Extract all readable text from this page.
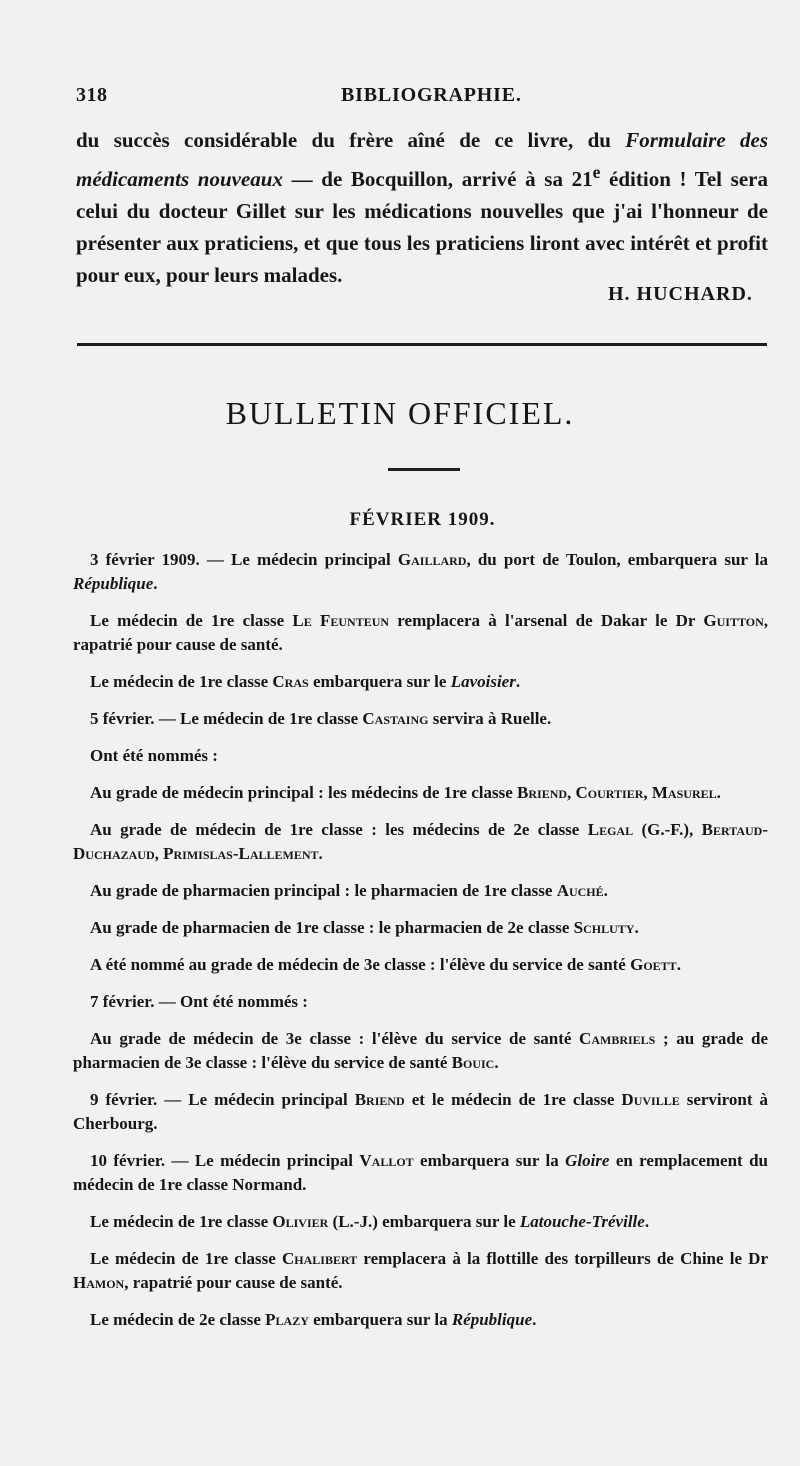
318	BIBLIOGRAPHIE.

du succès considérable du frère aîné de ce livre, du Formulaire des médicaments nouveaux — de Bocquillon, arrivé à sa 21e édition ! Tel sera celui du docteur Gillet sur les médications nouvelles que j'ai l'honneur de présenter aux praticiens, et que tous les praticiens liront avec intérêt et profit pour eux, pour leurs malades.

H. HUCHARD.
BULLETIN OFFICIEL.
FÉVRIER 1909.

3 février 1909. — Le médecin principal Gaillard, du port de Toulon, embarquera sur la République.

Le médecin de 1re classe Le Feunteun remplacera à l'arsenal de Dakar le Dr Guitton, rapatrié pour cause de santé.

Le médecin de 1re classe Cras embarquera sur le Lavoisier.

5 février. — Le médecin de 1re classe Castaing servira à Ruelle.

Ont été nommés :

Au grade de médecin principal : les médecins de 1re classe Briend, Courtier, Masurel.

Au grade de médecin de 1re classe : les médecins de 2e classe Legal (G.-F.), Bertaud-Duchazaud, Primislas-Lallement.

Au grade de pharmacien principal : le pharmacien de 1re classe Auché.

Au grade de pharmacien de 1re classe : le pharmacien de 2e classe Schluty.

A été nommé au grade de médecin de 3e classe : l'élève du service de santé Goett.

7 février. — Ont été nommés :

Au grade de médecin de 3e classe : l'élève du service de santé Cambriels ; au grade de pharmacien de 3e classe : l'élève du service de santé Bouic.

9 février. — Le médecin principal Briend et le médecin de 1re classe Duville serviront à Cherbourg.

10 février. — Le médecin principal Vallot embarquera sur la Gloire en remplacement du médecin de 1re classe Normand.

Le médecin de 1re classe Olivier (L.-J.) embarquera sur le Latouche-Tréville.

Le médecin de 1re classe Chalibert remplacera à la flottille des torpilleurs de Chine le Dr Hamon, rapatrié pour cause de santé.

Le médecin de 2e classe Plazy embarquera sur la République.
